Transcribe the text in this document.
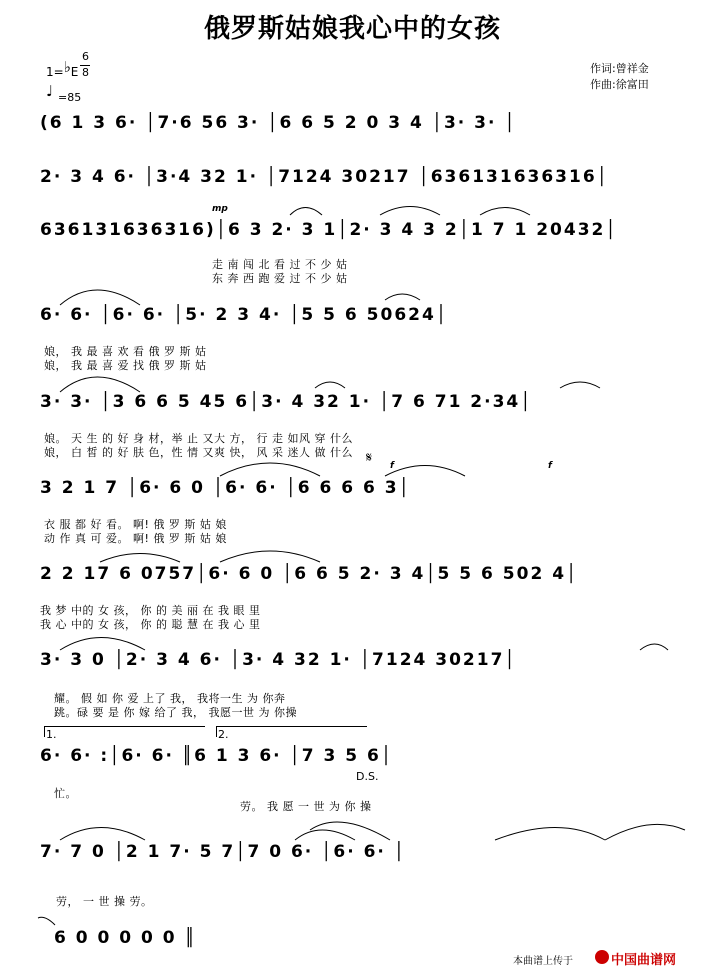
俄罗斯姑娘我心中的女孩
1=♭E
6
8
♩ =85
作词:曾祥金
作曲:徐富田
(6 1 3 6· │7·6 56 3· │6 6 5 2 0 3 4 │3· 3· │
2· 3 4 6· │3·4 32 1· │7124 30217 │636131636316│
636131636316)│6 3 2· 3 1│2· 3 4 3 2│1 7 1 20432│
走 南 闯 北 看 过 不 少 姑
东 奔 西 跑 爱 过 不 少 姑
6· 6· │6· 6· │5· 2 3 4· │5 5 6 50624│
娘， 我 最 喜 欢 看 俄 罗 斯 姑
娘， 我 最 喜 爱 找 俄 罗 斯 姑
3· 3· │3 6 6 5 45 6│3· 4 32 1· │7 6 71 2·34│
娘。 天 生 的 好 身 材，举 止 又大 方， 行 走 如风 穿 什么
娘， 白 皙 的 好 肤 色，性 情 又爽 快， 风 采 迷人 做 什么
3 2 1 7 │6· 6 0 │6· 6· │6 6 6 6 3│
衣 服 都 好 看。 啊! 俄 罗 斯 姑 娘
动 作 真 可 爱。 啊! 俄 罗 斯 姑 娘
2 2 17 6 0757│6· 6 0 │6 6 5 2· 3 4│5 5 6 502 4│
我 梦 中的 女 孩， 你 的 美 丽 在 我 眼 里
我 心 中的 女 孩， 你 的 聪 慧 在 我 心 里
3· 3 0 │2· 3 4 6· │3· 4 32 1· │7124 30217│
耀。 假 如 你 爱 上了 我， 我将一生 为 你奔
跳。碌 要 是 你 嫁 给了 我， 我愿一世 为 你操
6· 6· :│6· 6· ║6 1 3 6· │7 3 5 6│
忙。
劳。 我 愿 一 世 为 你 操
7· 7 0 │2 1 7· 5 7│7 0 6· │6· 6· │
劳， 一 世 操 劳。
6 0 0 0 0 0 ║
mp
f	f
𝄋
D.S.
1.	2.
本曲谱上传于	中国曲谱网
